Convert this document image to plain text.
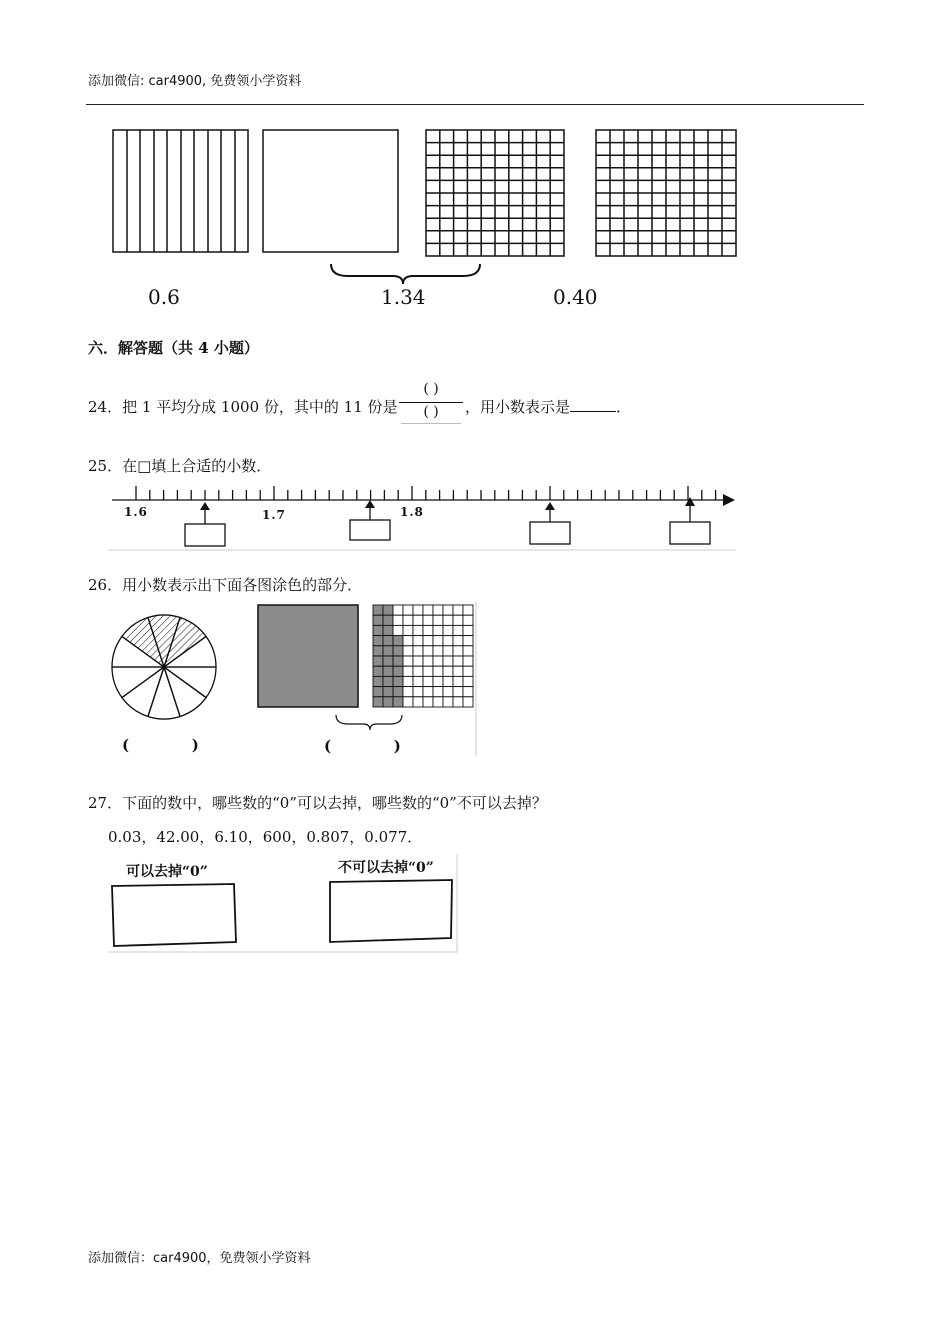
添加微信: car4900, 免费领小学资料
0.6	1.34	0.40
六．解答题（共 4 小题）
24．把 1 平均分成 1000 份，其中的 11 份是
( )
( )	，用小数表示是	．
25．在□填上合适的小数．
1.6	1.7	1.8
26．用小数表示出下面各图涂色的部分．
(            )	(            )
27．下面的数中，哪些数的“0”可以去掉，哪些数的“0”不可以去掉？
0.03，42.00，6.10，600，0.807，0.077．
可以去掉“0”	不可以去掉“0”
添加微信：car4900，免费领小学资料
